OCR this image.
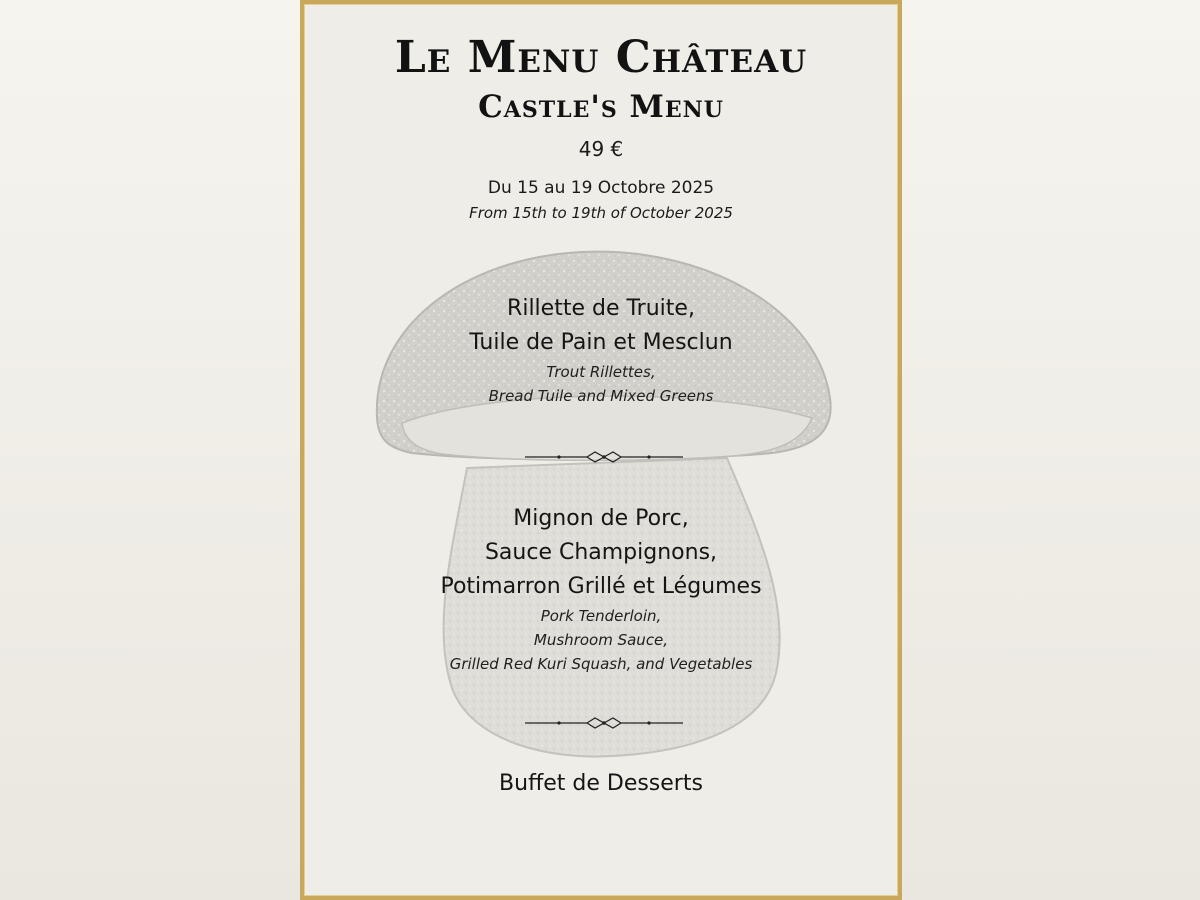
Le Menu Château
Castle's Menu
49 €
Du 15 au 19 Octobre 2025
From 15th to 19th of October 2025
Rillette de Truite,
Tuile de Pain et Mesclun
Trout Rillettes,
Bread Tuile and Mixed Greens
Mignon de Porc,
Sauce Champignons,
Potimarron Grillé et Légumes
Pork Tenderloin,
Mushroom Sauce,
Grilled Red Kuri Squash, and Vegetables
Buffet de Desserts
